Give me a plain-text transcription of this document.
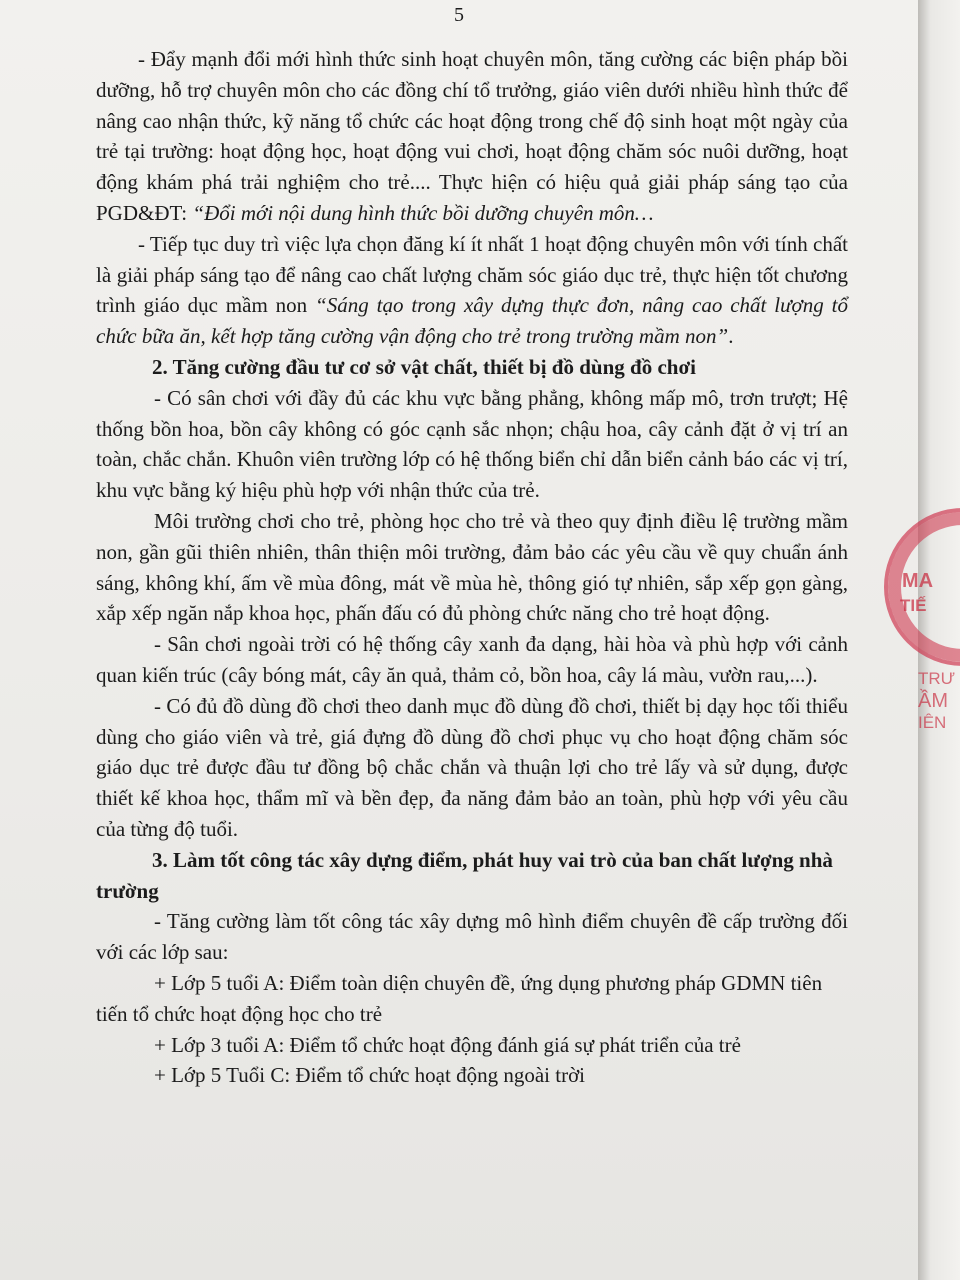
5

- Đẩy mạnh đổi mới hình thức sinh hoạt chuyên môn, tăng cường các biện pháp bồi dưỡng, hỗ trợ chuyên môn cho các đồng chí tổ trưởng, giáo viên dưới nhiều hình thức để nâng cao nhận thức, kỹ năng tổ chức các hoạt động trong chế độ sinh hoạt một ngày của trẻ tại trường: hoạt động học, hoạt động vui chơi, hoạt động chăm sóc nuôi dưỡng, hoạt động khám phá trải nghiệm cho trẻ.... Thực hiện có hiệu quả giải pháp sáng tạo của PGD&ĐT: “Đổi mới nội dung hình thức bồi dưỡng chuyên môn…

- Tiếp tục duy trì việc lựa chọn đăng kí ít nhất 1 hoạt động chuyên môn với tính chất là giải pháp sáng tạo để nâng cao chất lượng chăm sóc giáo dục trẻ, thực hiện tốt chương trình giáo dục mầm non “Sáng tạo trong xây dựng thực đơn, nâng cao chất lượng tổ chức bữa ăn, kết hợp tăng cường vận động cho trẻ trong trường mầm non”.

2. Tăng cường đầu tư cơ sở vật chất, thiết bị đồ dùng đồ chơi

- Có sân chơi với đầy đủ các khu vực bằng phẳng, không mấp mô, trơn trượt; Hệ thống bồn hoa, bồn cây không có góc cạnh sắc nhọn; chậu hoa, cây cảnh đặt ở vị trí an toàn, chắc chắn. Khuôn viên trường lớp có hệ thống biển chỉ dẫn biển cảnh báo các vị trí, khu vực bằng ký hiệu phù hợp với nhận thức của trẻ.

Môi trường chơi cho trẻ, phòng học cho trẻ và theo quy định điều lệ trường mầm non, gần gũi thiên nhiên, thân thiện môi trường, đảm bảo các yêu cầu về quy chuẩn ánh sáng, không khí, ấm về mùa đông, mát về mùa hè, thông gió tự nhiên, sắp xếp gọn gàng, xắp xếp ngăn nắp khoa học, phấn đấu có đủ phòng chức năng cho trẻ hoạt động.

- Sân chơi ngoài trời có hệ thống cây xanh đa dạng, hài hòa và phù hợp với cảnh quan kiến trúc (cây bóng mát, cây ăn quả, thảm cỏ, bồn hoa, cây lá màu, vườn rau,...).

- Có đủ đồ dùng đồ chơi theo danh mục đồ dùng đồ chơi, thiết bị dạy học tối thiểu dùng cho giáo viên và trẻ, giá đựng đồ dùng đồ chơi phục vụ cho hoạt động chăm sóc giáo dục trẻ được đầu tư đồng bộ chắc chắn và thuận lợi cho trẻ lấy và sử dụng, được thiết kế khoa học, thẩm mĩ và bền đẹp, đa năng đảm bảo an toàn, phù hợp với yêu cầu của từng độ tuổi.

3. Làm tốt công tác xây dựng điểm, phát huy vai trò của ban chất lượng nhà trường

- Tăng cường làm tốt công tác xây dựng mô hình điểm chuyên đề cấp trường đối với các lớp sau:

+ Lớp 5 tuổi A: Điểm toàn diện chuyên đề, ứng dụng phương pháp GDMN tiên tiến tổ chức hoạt động học cho trẻ

+ Lớp 3 tuổi A: Điểm tổ chức hoạt động đánh giá sự phát triển của trẻ

+ Lớp 5 Tuổi C: Điểm tổ chức hoạt động ngoài trời

TRƯ
ẦM
IÊN
MA
TIẾ
